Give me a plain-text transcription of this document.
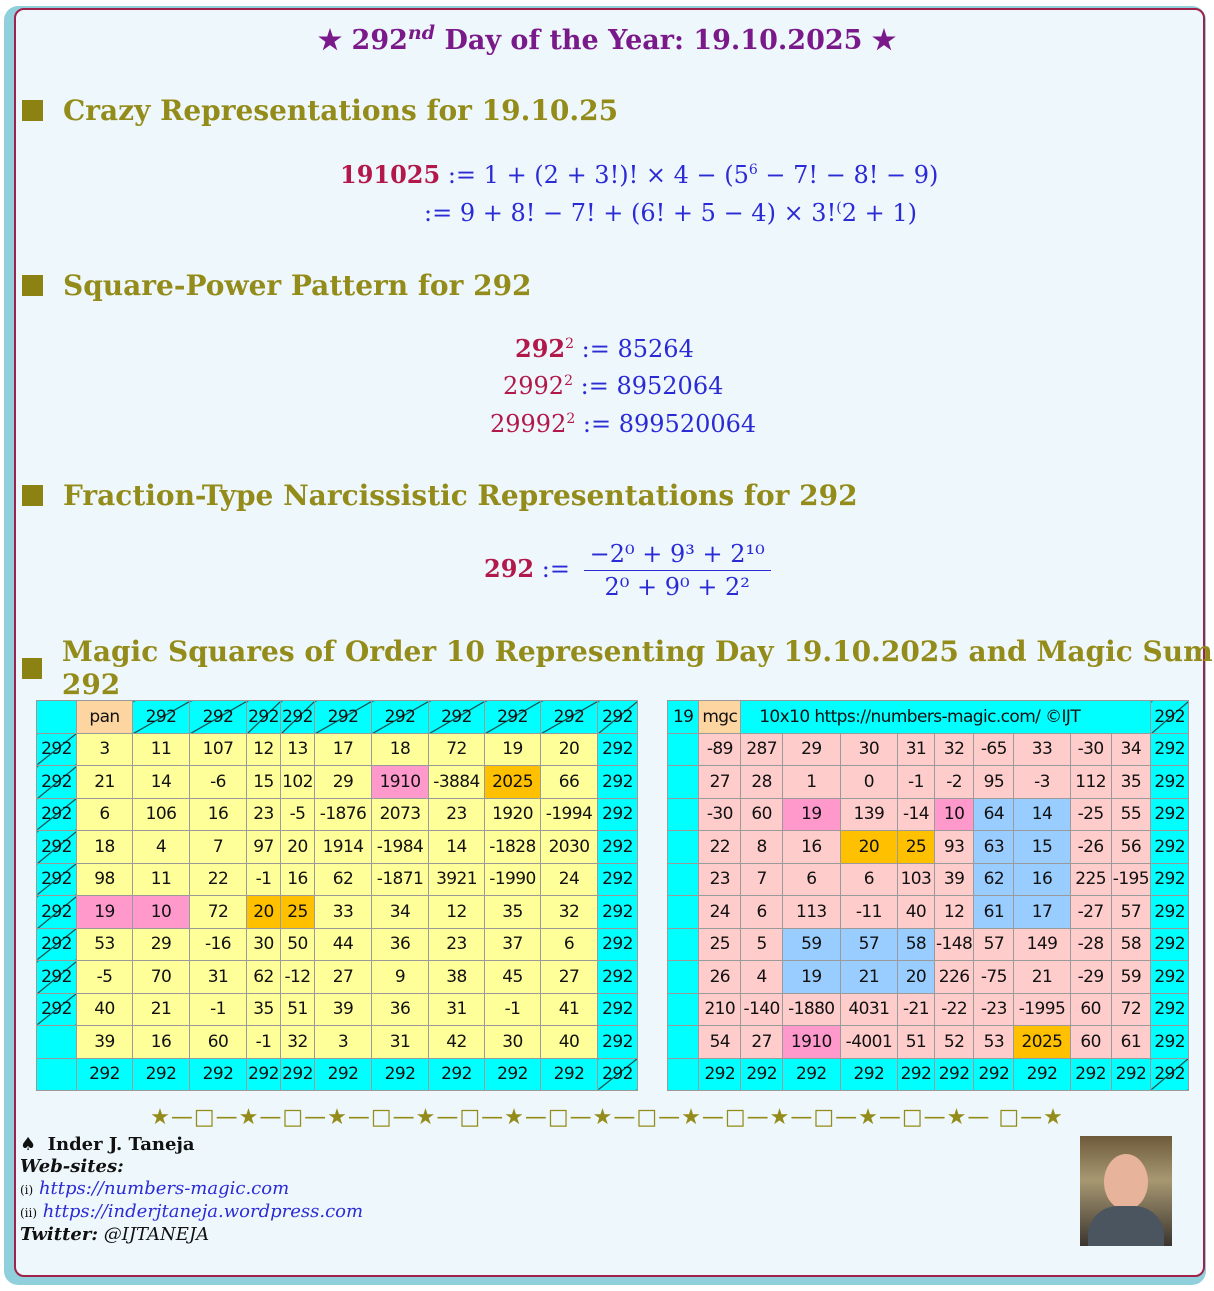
★ 292nd Day of the Year: 19.10.2025 ★
Crazy Representations for 19.10.25
191025 := 1 + (2 + 3!)! × $4 - (5^6 - 7$! − 8! − 9)
:= 9 + 8! − 7! + (6! + 5 − 4) × 3!(2 + 1)
Square-Power Pattern for 292
$292^2$ := 85264
2992$^2$ := 8952064
29992$^2$ := 899520064
Fraction-Type Narcissistic Representations for 292
292 := $\frac{\text{−2⁰ + 9³ + 2¹⁰}}{\text{2⁰ + 9⁰ + 2²}}$
Magic Squares of Order 10 Representing Day 19.10.2025 and Magic Sum 292
	pan	292	292	292	292	292	292	292	292	292	292	
292	3	11	107	12	13	17	18	72	19	20	292	
292	21	14	-6	15	102	29	1910	-3884	2025	66	292	
292	6	106	16	23	-5	-1876	2073	23	1920	-1994	292	
292	18	4	7	97	20	1914	-1984	14	-1828	2030	292	
292	98	11	22	-1	16	62	-1871	3921	-1990	24	292	
292	19	10	72	20	25	33	34	12	35	32	292	
292	53	29	-16	30	50	44	36	23	37	6	292	
292	-5	70	31	62	-12	27	9	38	45	27	292	
292	40	21	-1	35	51	39	36	31	-1	41	292	
	39	16	60	-1	32	3	31	42	30	40	292	
	292	292	292	292	292	292	292	292	292	292	292	
19	mgc	10x10 https://numbers-magic.com/ ©IJT									292
	-89	287	29	30	31	32	-65	33	-30	34	292
	27	28	1	0	-1	-2	95	-3	112	35	292
	-30	60	19	139	-14	10	64	14	-25	55	292
	22	8	16	20	25	93	63	15	-26	56	292
	23	7	6	6	103	39	62	16	225	-195	292
	24	6	113	-11	40	12	61	17	-27	57	292
	25	5	59	57	58	-148	57	149	-28	58	292
	26	4	19	21	20	226	-75	21	-29	59	292
	210	-140	-1880	4031	-21	-22	-23	-1995	60	72	292
	54	27	1910	-4001	51	52	53	2025	60	61	292
	292	292	292	292	292	292	292	292	292	292	292
★—□—★—□—★—□—★—□—★—□—★—□—★—□—★—□—★—□—★— □—★
♠ Inder J. Taneja
Web-sites:
(i) https://numbers-magic.com
(ii) https://inderjtaneja.wordpress.com
Twitter: @IJTANEJA
